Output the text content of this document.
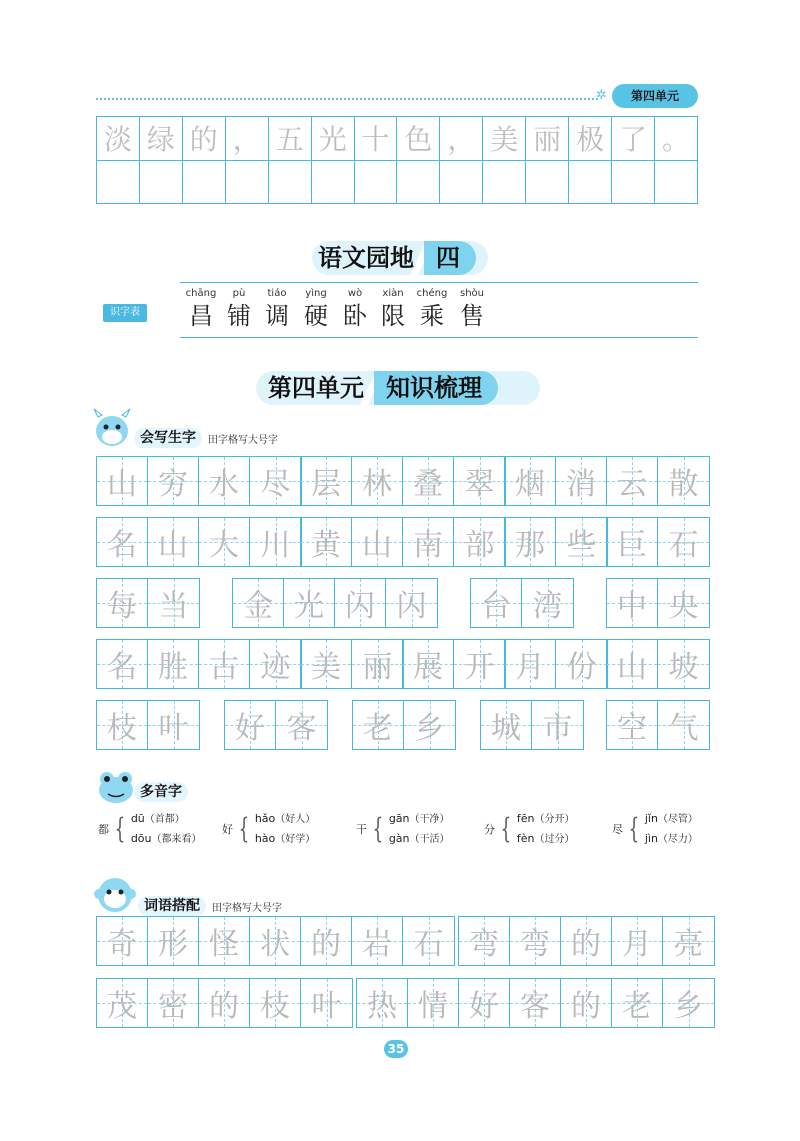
✲	第四单元
淡 绿 的 ， 五 光 十 色 ， 美 丽 极 了 。
语文园地 四
识字表
chāng
昌
pù
铺
tiáo
调
yìng
硬
wò
卧
xiàn
限
chéng
乘
shòu
售
第四单元 知识梳理
会写生字	田字格写大号字
山 穷 水 尽 层 林 叠 翠 烟 消 云 散
名 山 大 川 黄 山 南 部 那 些 巨 石
每 当 金 光 闪 闪 台 湾 中 央
名 胜 古 迹 美 丽 展 开 月 份 山 坡
枝 叶 好 客 老 乡 城 市 空 气
多音字
都 { dū（首都）
dōu（都来看）
好 { hǎo（好人）
hào（好学）
干 { gān（干净）
gàn（干活）
分 { fēn（分开）
fèn（过分）
尽 { jǐn（尽管）
jìn（尽力）
词语搭配	田字格写大号字
奇 形 怪 状 的 岩 石 弯 弯 的 月 亮
茂 密 的 枝 叶 热 情 好 客 的 老 乡
35
